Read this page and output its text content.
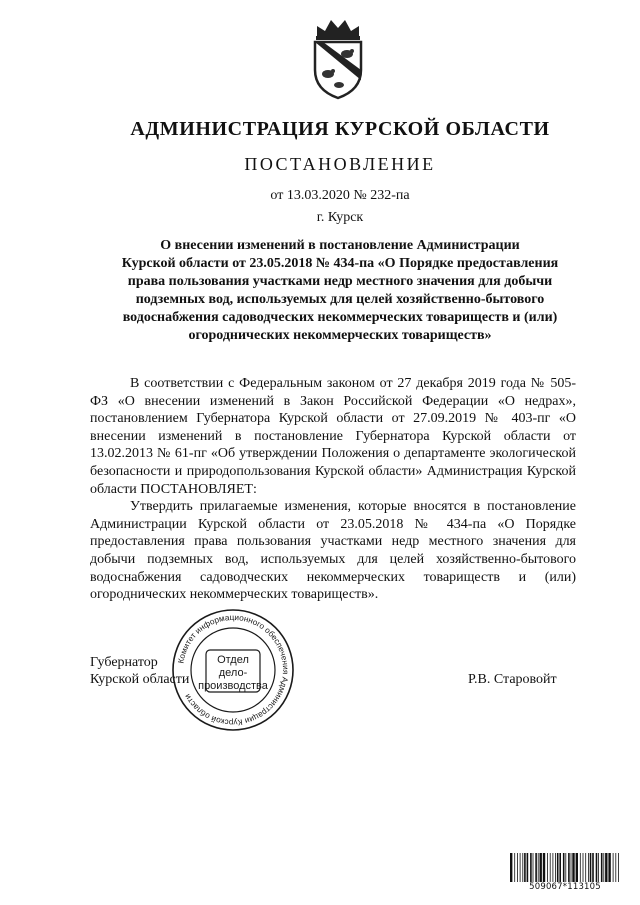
АДМИНИСТРАЦИЯ КУРСКОЙ ОБЛАСТИ
ПОСТАНОВЛЕНИЕ
от 13.03.2020 № 232-па
г. Курск
О внесении изменений в постановление Администрации
Курской области от 23.05.2018 № 434-па «О Порядке предоставления
права пользования участками недр местного значения для добычи
подземных вод, используемых для целей хозяйственно-бытового
водоснабжения садоводческих некоммерческих товариществ и (или)
огороднических некоммерческих товариществ»

В соответствии с Федеральным законом от 27 декабря 2019 года № 505-ФЗ «О внесении изменений в Закон Российской Федерации «О недрах», постановлением Губернатора Курской области от 27.09.2019 № 403-пг «О внесении изменений в постановление Губернатора Курской области от 13.02.2013 № 61-пг «Об утверждении Положения о департаменте экологической безопасности и природопользования Курской области» Администрация Курской области ПОСТАНОВЛЯЕТ:

Утвердить прилагаемые изменения, которые вносятся в постановление Администрации Курской области от 23.05.2018 № 434-па «О Порядке предоставления права пользования участками недр местного значения для добычи подземных вод, используемых для целей хозяйственно-бытового водоснабжения садоводческих некоммерческих товариществ и (или) огороднических некоммерческих товариществ».

Губернатор
Курской области	Р.В. Старовойт
Комитет информационного обеспечения Администрации Курской области
Отдел
дело-
производства
509067*113105
